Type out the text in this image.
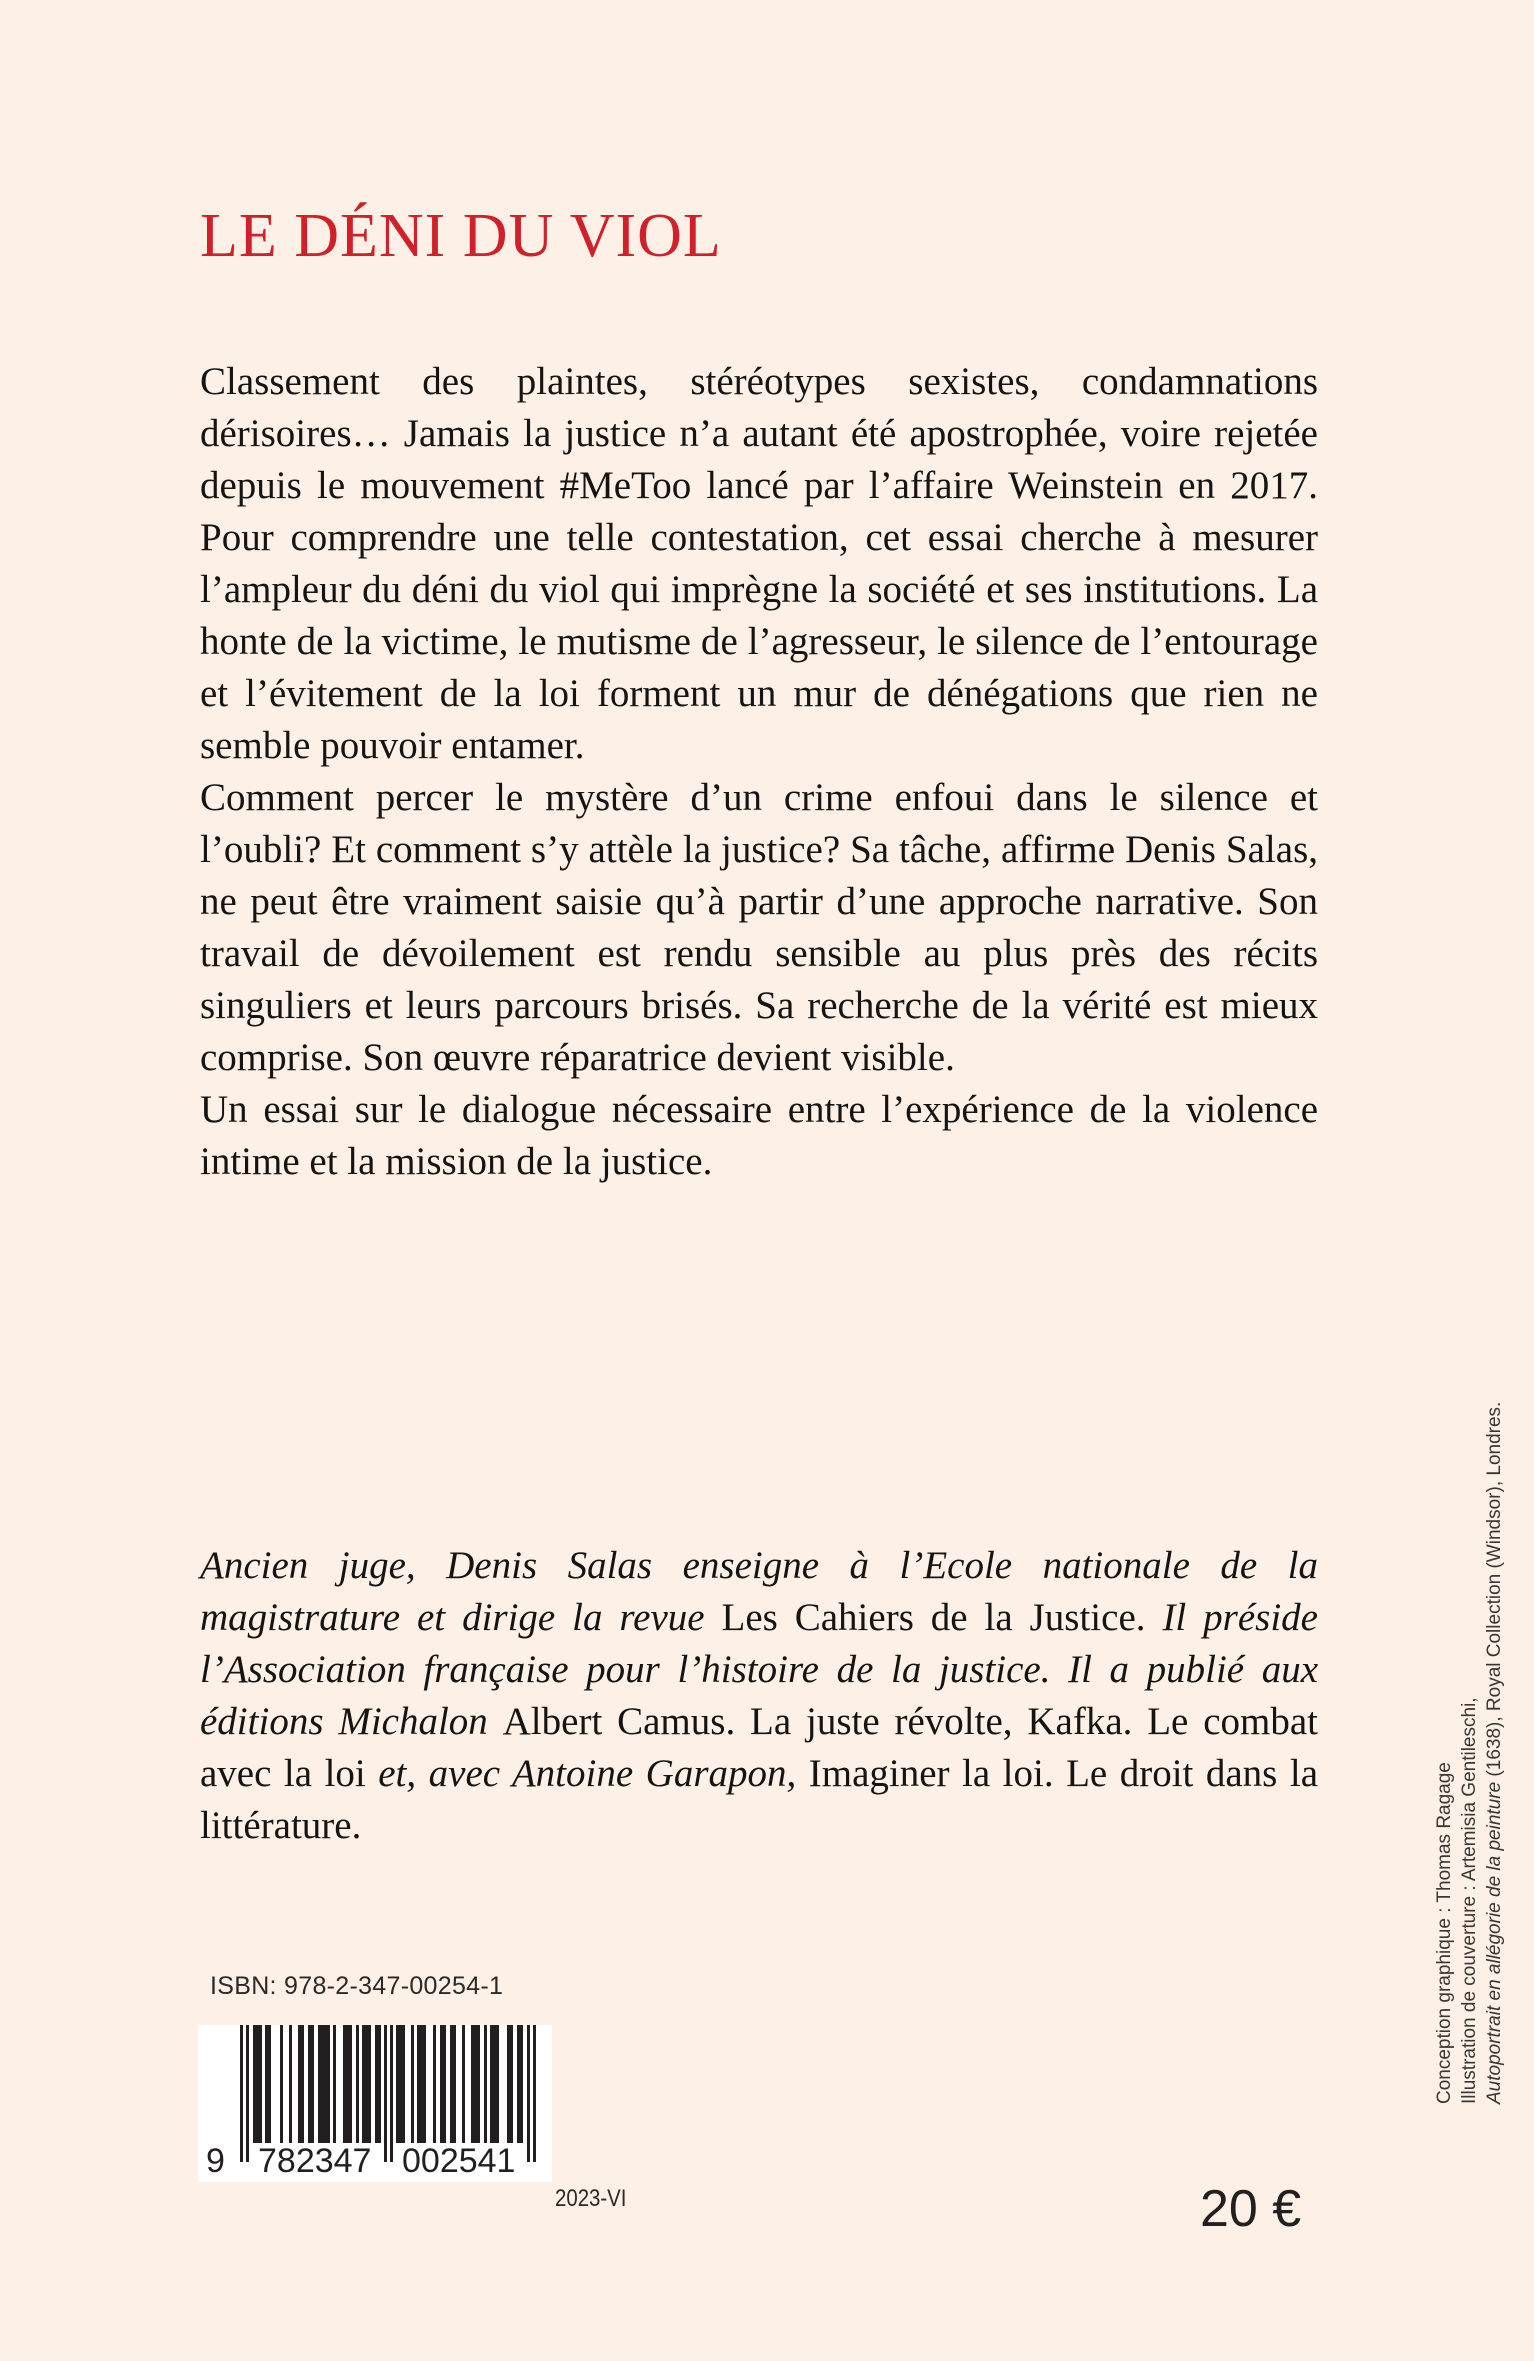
LE DÉNI DU VIOL

Classement des plaintes, stéréotypes sexistes, condamnations dérisoires… Jamais la justice n’a autant été apostrophée, voire rejetée depuis le mouvement #MeToo lancé par l’affaire Weinstein en 2017. Pour comprendre une telle contestation, cet essai cherche à mesurer l’ampleur du déni du viol qui imprègne la société et ses institutions. La honte de la victime, le mutisme de l’agresseur, le silence de l’entourage et l’évitement de la loi forment un mur de dénégations que rien ne semble pouvoir entamer.

Comment percer le mystère d’un crime enfoui dans le silence et l’oubli? Et comment s’y attèle la justice? Sa tâche, affirme Denis Salas, ne peut être vraiment saisie qu’à partir d’une approche narrative. Son travail de dévoilement est rendu sensible au plus près des récits singuliers et leurs parcours brisés. Sa recherche de la vérité est mieux comprise. Son œuvre réparatrice devient visible.

Un essai sur le dialogue nécessaire entre l’expérience de la violence intime et la mission de la justice.

Ancien juge, Denis Salas enseigne à l’Ecole nationale de la magistrature et dirige la revue Les Cahiers de la Justice. Il préside l’Association française pour l’histoire de la justice. Il a publié aux éditions Michalon Albert Camus. La juste révolte, Kafka. Le combat avec la loi et, avec Antoine Garapon, Imaginer la loi. Le droit dans la littérature.

ISBN: 978-2-347-00254-1
9 782347 002541
2023-VI	20 €
Conception graphique : Thomas Ragage Illustration de couverture : Artemisia Gentileschi, Autoportrait en allégorie de la peinture (1638), Royal Collection (Windsor), Londres.
